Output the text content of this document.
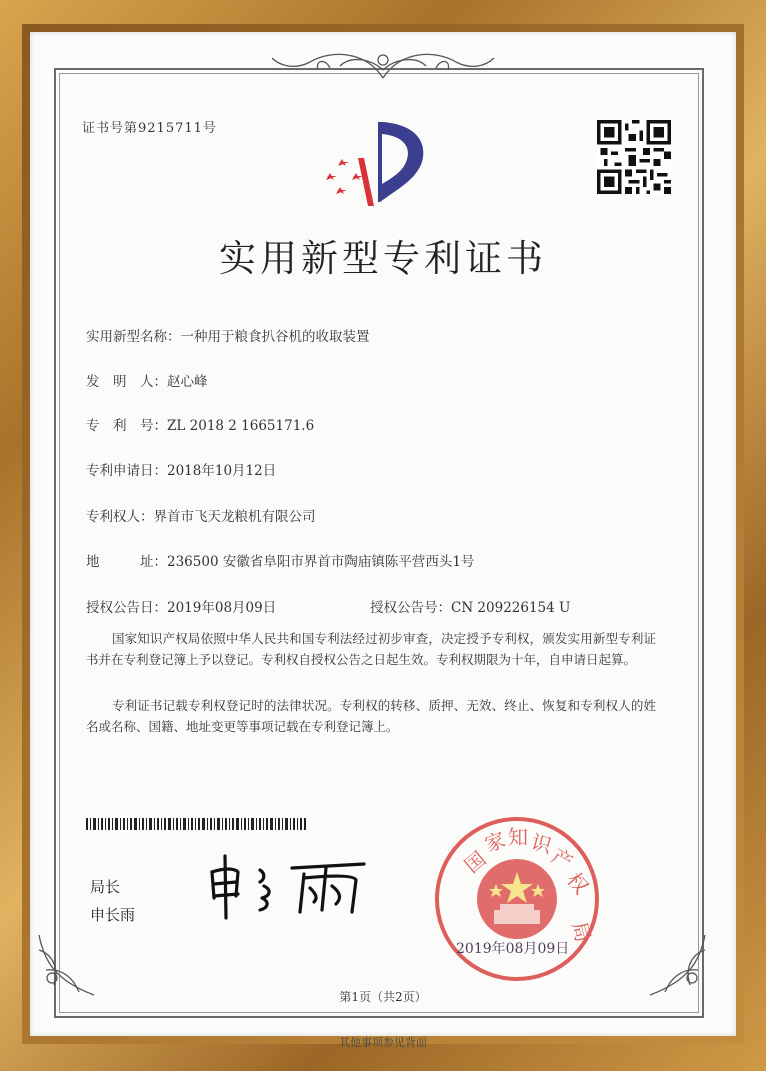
证书号第9215711号
实用新型专利证书
实用新型名称：一种用于粮食扒谷机的收取装置
发　明　人：赵心峰
专　利　号：ZL 2018 2 1665171.6
专利申请日：2018年10月12日
专利权人：界首市飞天龙粮机有限公司
地　　　址：236500 安徽省阜阳市界首市陶庙镇陈平营西头1号
授权公告日：2019年08月09日	授权公告号：CN 209226154 U
国家知识产权局依照中华人民共和国专利法经过初步审查，决定授予专利权，颁发实用新型专利证书并在专利登记簿上予以登记。专利权自授权公告之日起生效。专利权期限为十年，自申请日起算。
专利证书记载专利权登记时的法律状况。专利权的转移、质押、无效、终止、恢复和专利权人的姓名或名称、国籍、地址变更等事项记载在专利登记簿上。
局长
申长雨
国
家 知 识
产
权
局
2019年08月09日
第1页（共2页）
